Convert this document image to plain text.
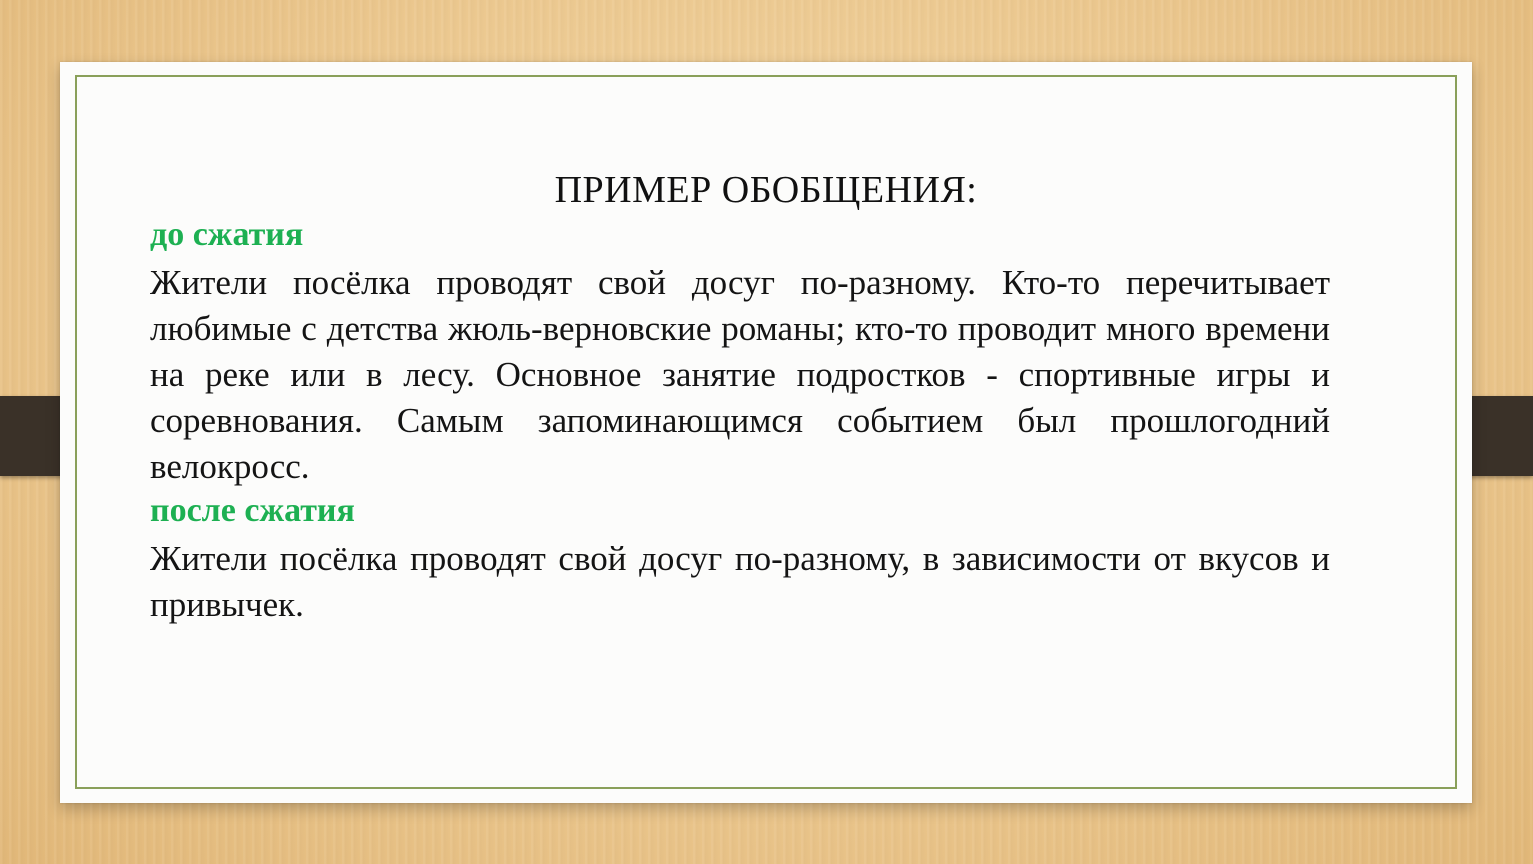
ПРИМЕР ОБОБЩЕНИЯ:
до сжатия
Жители посёлка проводят свой досуг по-разному. Кто-то перечитывает любимые с детства жюль-верновские романы; кто-то проводит много времени на реке или в лесу. Основное занятие подростков - спортивные игры и соревнования. Самым запоминающимся событием был прошлогодний велокросс.
после сжатия
Жители посёлка проводят свой досуг по-разному, в зависимости от вкусов и привычек.
